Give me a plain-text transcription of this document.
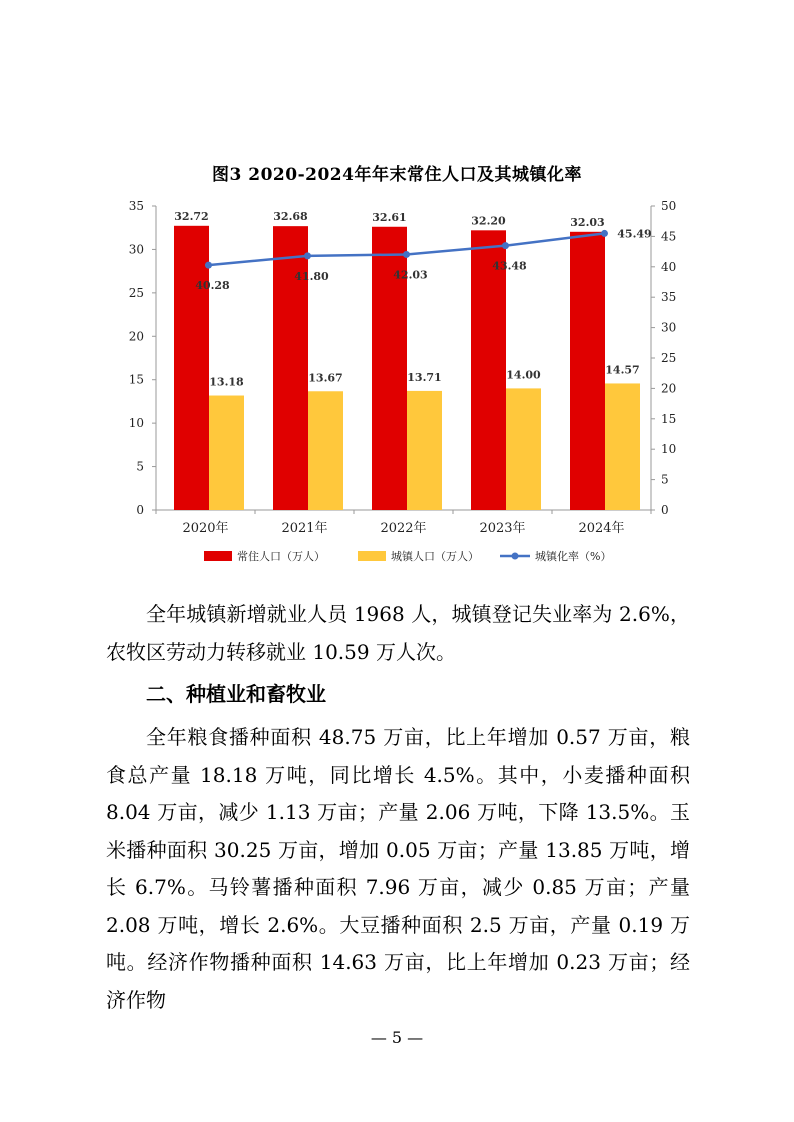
图3 2020-2024年年末常住人口及其城镇化率
0
5
10
15
20
25
30
35
0
5
10
15
20
25
30
35
40
45
50
32.72
13.18
2020年
32.68
13.67
2021年
32.61
13.71
2022年
32.20
14.00
2023年
32.03
14.57
2024年
40.28
41.80	42.03
43.48
45.49
常住人口（万人）	城镇人口（万人）	城镇化率（%）
全年城镇新增就业人员 1968 人，城镇登记失业率为 2.6%，农牧区劳动力转移就业 10.59 万人次。
二、种植业和畜牧业
全年粮食播种面积 48.75 万亩，比上年增加 0.57 万亩，粮食总产量 18.18 万吨，同比增长 4.5%。其中，小麦播种面积 8.04 万亩，减少 1.13 万亩；产量 2.06 万吨，下降 13.5%。玉米播种面积 30.25 万亩，增加 0.05 万亩；产量 13.85 万吨，增长 6.7%。马铃薯播种面积 7.96 万亩，减少 0.85 万亩；产量 2.08 万吨，增长 2.6%。大豆播种面积 2.5 万亩，产量 0.19 万吨。经济作物播种面积 14.63 万亩，比上年增加 0.23 万亩；经济作物
— 5 —
